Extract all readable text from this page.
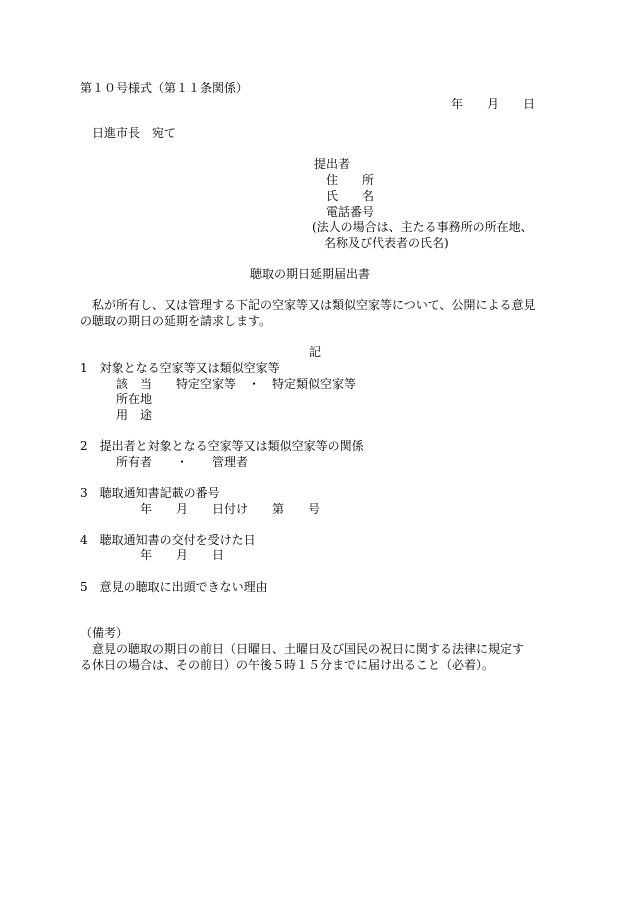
第１０号様式（第１１条関係）
年　　月　　日
日進市長　宛て
提出者
住　　所
氏　　名
電話番号
(法人の場合は、主たる事務所の所在地、
名称及び代表者の氏名)
聴取の期日延期届出書
私が所有し、又は管理する下記の空家等又は類似空家等について、公開による意見
の聴取の期日の延期を請求します。
記
1　対象となる空家等又は類似空家等
該　当　　特定空家等　・　特定類似空家等
所在地
用　途
2　提出者と対象となる空家等又は類似空家等の関係
所有者　　・　　管理者
3　聴取通知書記載の番号
年　　月　　日付け　　第　　号
4　聴取通知書の交付を受けた日
年　　月　　日
5　意見の聴取に出頭できない理由
（備考）
意見の聴取の期日の前日（日曜日、土曜日及び国民の祝日に関する法律に規定す
る休日の場合は、その前日）の午後５時１５分までに届け出ること（必着）。
